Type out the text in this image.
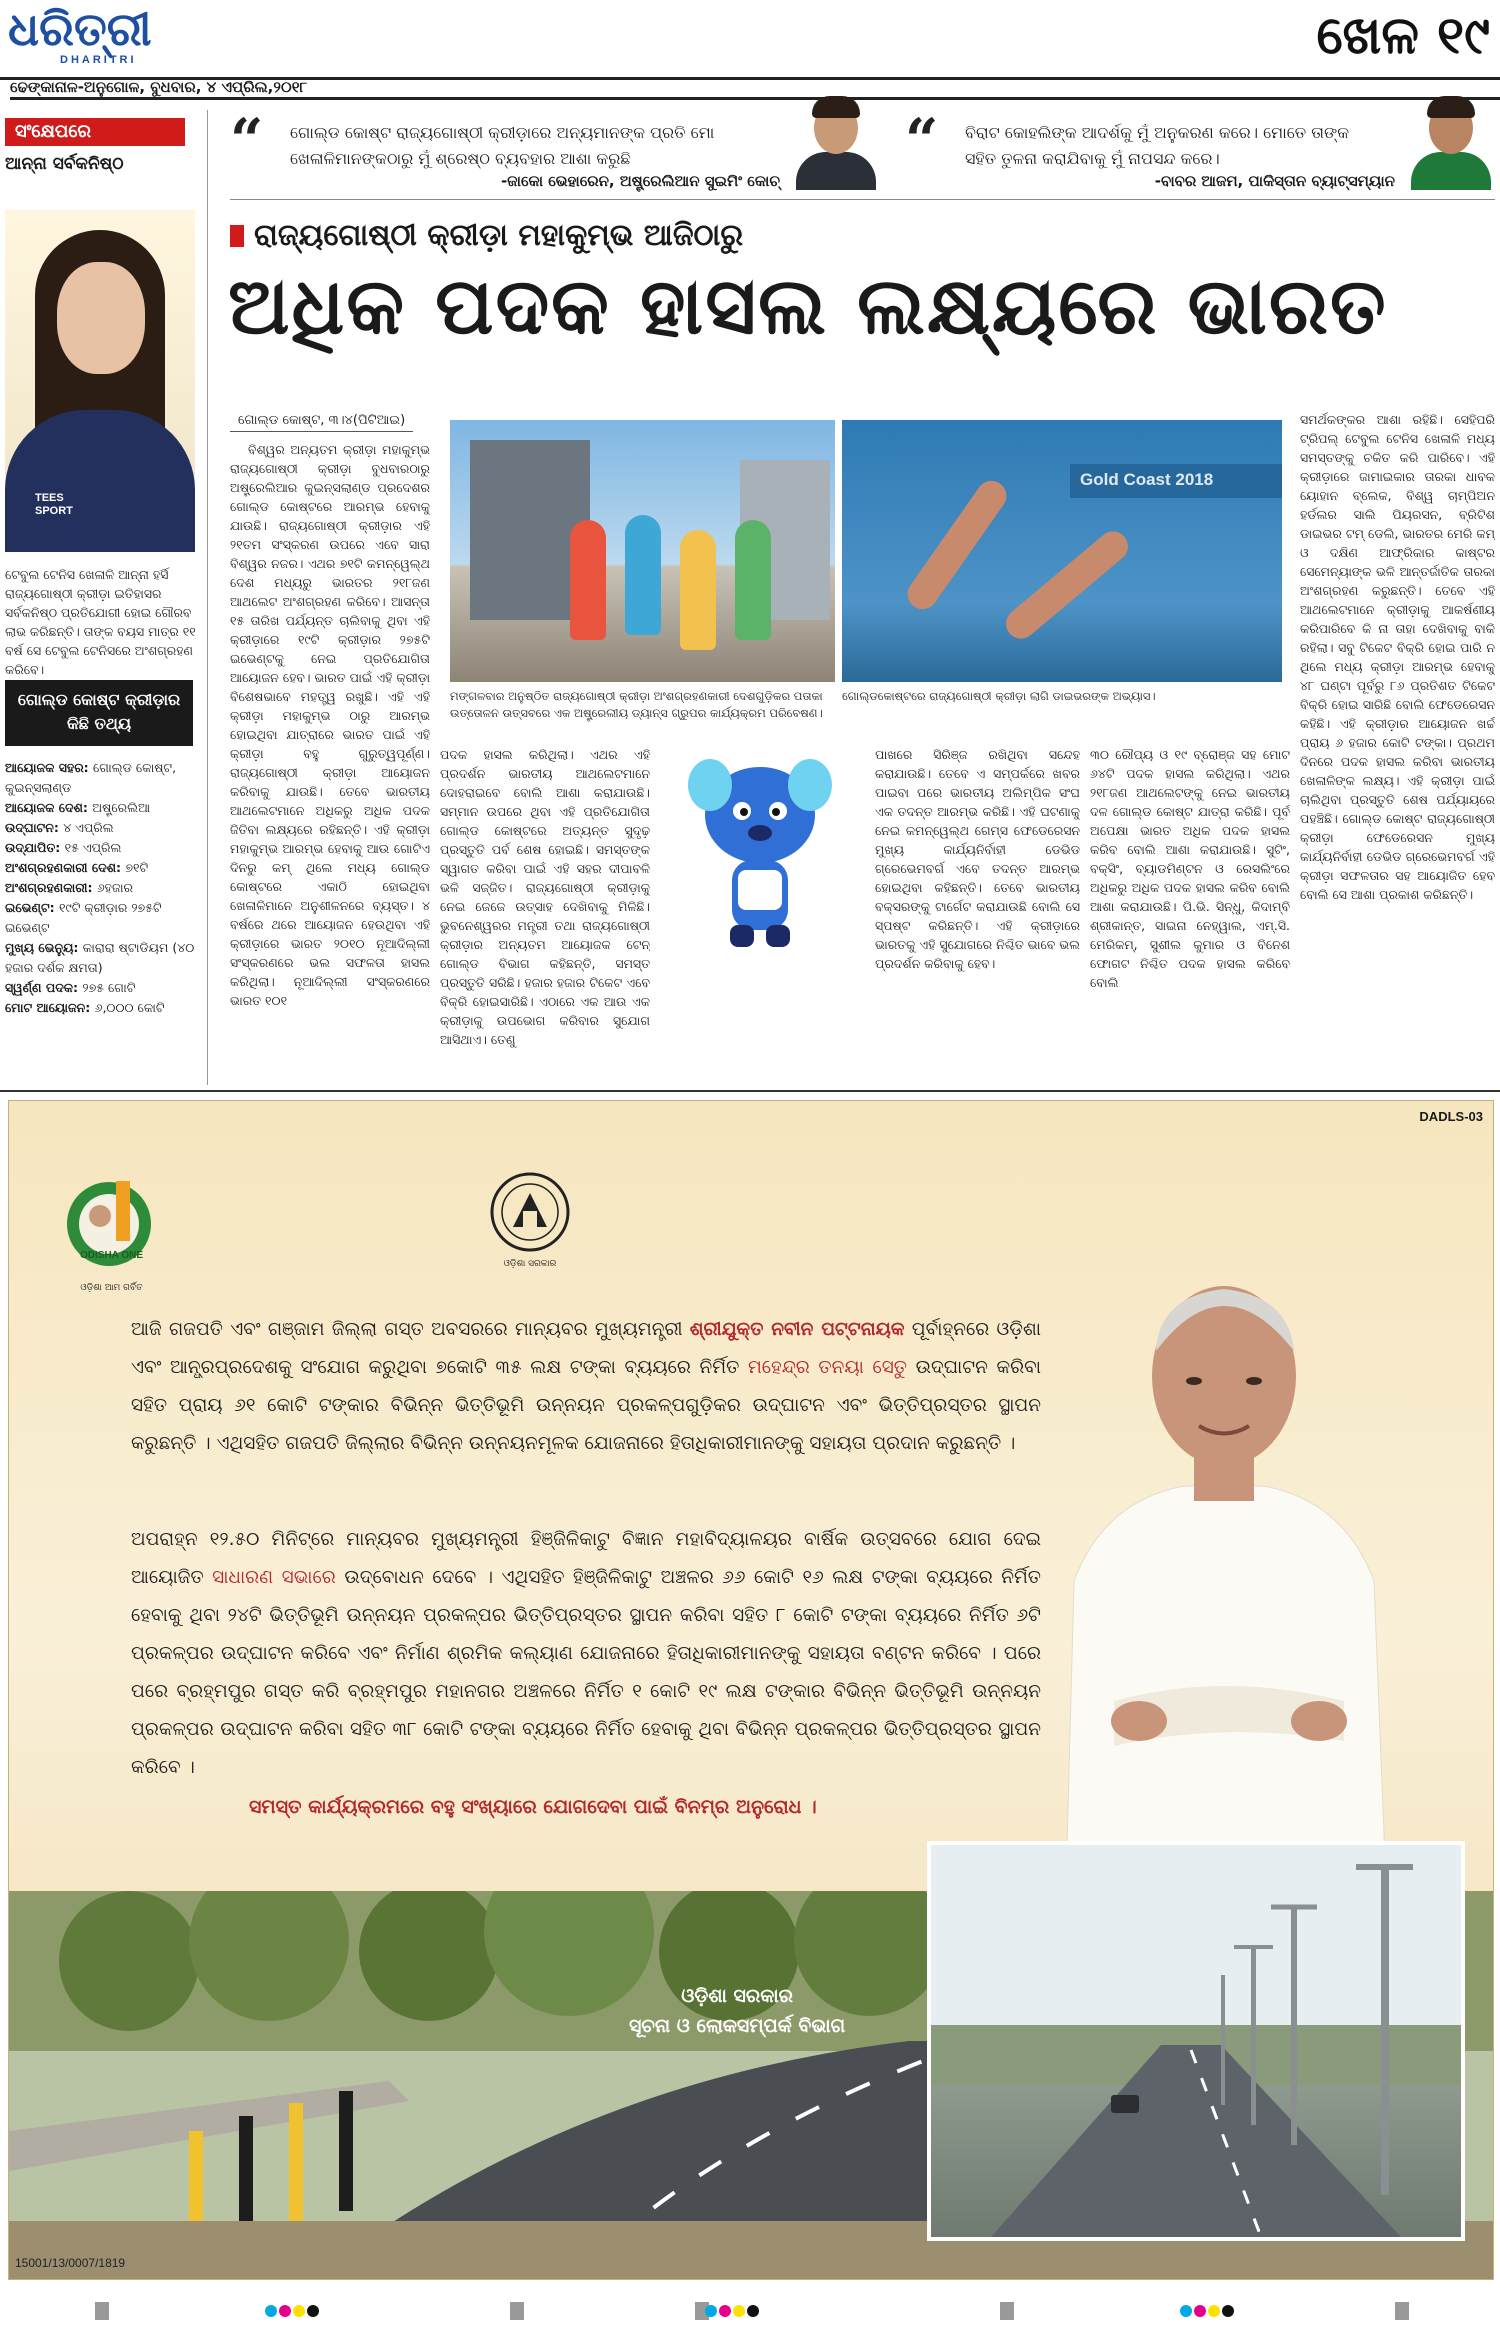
ଧରିତ୍ରୀ
DHARITRI	ଖେଳ ୧୯
ଢେଙ୍କାନାଳ-ଅନୁଗୋଳ, ବୁଧବାର, ୪ ଏପ୍ରିଲ,୨୦୧୮
“ ଗୋଲ୍ଡ କୋଷ୍ଟ ରାଜ୍ୟଗୋଷ୍ଠୀ କ୍ରୀଡ଼ାରେ ଅନ୍ୟମାନଙ୍କ ପ୍ରତି ମୋ ଖେଳାଳିମାନଙ୍କଠାରୁ ମୁଁ ଶ୍ରେଷ୍ଠ ବ୍ୟବହାର ଆଶା କରୁଛି
-ଜାକୋ ଭେହାରେନ, ଅଷ୍ଟ୍ରେଲିଆନ ସୁଇମିଂ କୋଚ୍
“ ବିରାଟ କୋହଲିଙ୍କ ଆଦର୍ଶକୁ ମୁଁ ଅନୁକରଣ କରେ। ମୋତେ ତାଙ୍କ ସହିତ ତୁଳନା କରାଯିବାକୁ ମୁଁ ନାପସନ୍ଦ କରେ।
-ବାବର ଆଜମ, ପାକିସ୍ତାନ ବ୍ୟାଟ୍ସମ୍ୟାନ
ସଂକ୍ଷେପରେ
ଆନ୍ନା ସର୍ବକନିଷ୍ଠ
TEES SPORT
ଟେବୁଲ ଟେନିସ ଖେଳାଳି ଆନ୍ନା ହର୍ସି ରାଜ୍ୟଗୋଷ୍ଠୀ କ୍ରୀଡ଼ା ଇତିହାସର ସର୍ବକନିଷ୍ଠ ପ୍ରତିଯୋଗୀ ହୋଇ ଗୌରବ ଲାଭ କରିଛନ୍ତି। ତାଙ୍କ ବୟସ ମାତ୍ର ୧୧ ବର୍ଷ ସେ ଟେବୁଲ ଟେନିସରେ ଅଂଶଗ୍ରହଣ କରିବେ।
ଗୋଲ୍ଡ କୋଷ୍ଟ କ୍ରୀଡ଼ାର କିଛି ତଥ୍ୟ
ଆୟୋଜକ ସହର: ଗୋଲ୍ଡ କୋଷ୍ଟ, କୁଇନ୍ସଲାଣ୍ଡ
ଆୟୋଜକ ଦେଶ: ଅଷ୍ଟ୍ରେଲିଆ
ଉଦ୍‌ଘାଟନ: ୪ ଏପ୍ରିଲ
ଉଦ୍‌ଯାପିତ: ୧୫ ଏପ୍ରିଲ
ଅଂଶଗ୍ରହଣକାରୀ ଦେଶ: ୭୧ଟି
ଅଂଶଗ୍ରହଣକାରୀ: ୬ହଜାର
ଇଭେଣ୍ଟ: ୧୯ଟି କ୍ରୀଡ଼ାର ୨୭୫ଟି ଇଭେଣ୍ଟ
ମୁଖ୍ୟ ଭେନ୍ୟୁ: କାରାରା ଷ୍ଟାଡିୟମ (୪୦ ହଜାର ଦର୍ଶକ କ୍ଷମତା)
ସ୍ୱର୍ଣ୍ଣ ପଦକ: ୨୭୫ ଗୋଟି
ମୋଟ ଆୟୋଜନ: ୬,୦୦୦ କୋଟି
ରାଜ୍ୟଗୋଷ୍ଠୀ କ୍ରୀଡ଼ା ମହାକୁମ୍ଭ ଆଜିଠାରୁ
ଅଧିକ ପଦକ ହାସଲ ଲକ୍ଷ୍ୟରେ ଭାରତ
ଗୋଲ୍ଡ କୋଷ୍ଟ, ୩।୪(ପିଟିଆଇ)
ବିଶ୍ୱର ଅନ୍ୟତମ କ୍ରୀଡ଼ା ମହାକୁମ୍ଭ ରାଜ୍ୟଗୋଷ୍ଠୀ କ୍ରୀଡ଼ା ବୁଧବାରଠାରୁ ଅଷ୍ଟ୍ରେଲିଆର କୁଇନ୍ସଲାଣ୍ଡ ପ୍ରଦେଶର ଗୋଲ୍ଡ କୋଷ୍ଟରେ ଆରମ୍ଭ ହେବାକୁ ଯାଉଛି। ରାଜ୍ୟଗୋଷ୍ଠୀ କ୍ରୀଡ଼ାର ଏହି ୨୧ତମ ସଂସ୍କରଣ ଉପରେ ଏବେ ସାରା ବିଶ୍ୱର ନଜର। ଏଥର ୭୧ଟି କମନ୍‌ୱେଲ୍‌ଥ ଦେଶ ମଧ୍ୟରୁ ଭାରତର ୨୧୮ଜଣ ଆଥଲେଟ ଅଂଶଗ୍ରହଣ କରିବେ। ଆସନ୍ତା ୧୫ ତାରିଖ ପର୍ଯ୍ୟନ୍ତ ଚାଲିବାକୁ ଥିବା ଏହି କ୍ରୀଡ଼ାରେ ୧୯ଟି କ୍ରୀଡ଼ାର ୨୭୫ଟି ଇଭେଣ୍ଟକୁ ନେଇ ପ୍ରତିଯୋଗିତା ଆୟୋଜନ ହେବ। ଭାରତ ପାଇଁ ଏହି କ୍ରୀଡ଼ା ବିଶେଷଭାବେ ମହତ୍ତ୍ୱ ରଖୁଛି। ଏହି ଏହି କ୍ରୀଡ଼ା ମହାକୁମ୍ଭ ଠାରୁ ଆରମ୍ଭ ହୋଇଥିବା ଯାତ୍ରାରେ ଭାରତ ପାଇଁ ଏହି କ୍ରୀଡ଼ା ବହୁ ଗୁରୁତ୍ୱପୂର୍ଣ୍ଣ। ରାଜ୍ୟଗୋଷ୍ଠୀ କ୍ରୀଡ଼ା ଆୟୋଜନ କରିବାକୁ ଯାଉଛି। ତେବେ ଭାରତୀୟ ଆଥଲେଟମାନେ ଅଧିକରୁ ଅଧିକ ପଦକ ଜିତିବା ଲକ୍ଷ୍ୟରେ ରହିଛନ୍ତି। ଏହି କ୍ରୀଡ଼ା ମହାକୁମ୍ଭ ଆରମ୍ଭ ହେବାକୁ ଆଉ ଗୋଟିଏ ଦିନରୁ କମ୍ ଥିଲେ ମଧ୍ୟ ଗୋଲ୍ଡ କୋଷ୍ଟରେ ଏକାଠି ହୋଇଥିବା ଖେଳାଳିମାନେ ଅନୁଶୀଳନରେ ବ୍ୟସ୍ତ। ୪ ବର୍ଷରେ ଥରେ ଆୟୋଜନ ହେଉଥିବା ଏହି କ୍ରୀଡ଼ାରେ ଭାରତ ୨୦୧୦ ନୂଆଦିଲ୍ଲୀ ସଂସ୍କରଣରେ ଭଲ ସଫଳତା ହାସଲ କରିଥିଲା। ନୂଆଦିଲ୍ଲୀ ସଂସ୍କରଣରେ ଭାରତ ୧୦୧
ମଙ୍ଗଳବାର ଅନୁଷ୍ଠିତ ରାଜ୍ୟଗୋଷ୍ଠୀ କ୍ରୀଡ଼ା ଅଂଶଗ୍ରହଣକାରୀ ଦେଶଗୁଡ଼ିକର ପତାକା ଉତ୍ତୋଳନ ଉତ୍ସବରେ ଏକ ଅଷ୍ଟ୍ରେଲୀୟ ଡ୍ୟାନ୍ସ ଗ୍ରୁପର କାର୍ଯ୍ୟକ୍ରମ ପରିବେଷଣ।
Gold Coast 2018
ଗୋଲ୍ଡକୋଷ୍ଟରେ ରାଜ୍ୟଗୋଷ୍ଠୀ କ୍ରୀଡ଼ା ଲାଗି ଡାଇଭରଙ୍କ ଅଭ୍ୟାସ।
ପଦକ ହାସଲ କରିଥିଲା। ଏଥର ଏହି ପ୍ରଦର୍ଶନ ଭାରତୀୟ ଆଥଲେଟମାନେ ଦୋହରାଇବେ ବୋଲି ଆଶା କରାଯାଉଛି। ସମ୍ମାନ ଉପରେ ଥିବା ଏହି ପ୍ରତିଯୋଗିତା ଗୋଲ୍ଡ କୋଷ୍ଟରେ ଅତ୍ୟନ୍ତ ସୁଦୃଢ଼ ପ୍ରସ୍ତୁତି ପର୍ବ ଶେଷ ହୋଇଛି। ସମସ୍ତଙ୍କ ସ୍ୱାଗତ କରିବା ପାଇଁ ଏହି ସହର ଦୀପାବଳି ଭଳି ସଜ୍ଜିତ। ରାଜ୍ୟଗୋଷ୍ଠୀ କ୍ରୀଡ଼ାକୁ ନେଇ ଜେଜେ ଉତ୍ସାହ ଦେଖିବାକୁ ମିଳିଛି। ଭୁବନେଶ୍ୱରର ମନ୍ତ୍ରୀ ତଥା ରାଜ୍ୟଗୋଷ୍ଠୀ କ୍ରୀଡ଼ାର ଅନ୍ୟତମ ଆୟୋଜକ ଟେନ୍ ଗୋଲ୍ଡ ବିଭାଗ କହିଛନ୍ତି, ସମସ୍ତ ପ୍ରସ୍ତୁତି ସରିଛି। ହଜାର ହଜାର ଟିକେଟ ଏବେ ବିକ୍ରି ହୋଇସାରିଛି। ଏଠାରେ ଏକ ଆଉ ଏକ କ୍ରୀଡ଼ାକୁ ଉପଭୋଗ କରିବାର ସୁଯୋଗ ଆସିଥାଏ। ତେଣୁ
ପାଖରେ ସିରିଞ୍ଜ ରଖିଥିବା ସନ୍ଦେହ କରାଯାଉଛି। ତେବେ ଏ ସମ୍ପର୍କରେ ଖବର ପାଇବା ପରେ ଭାରତୀୟ ଅଲିମ୍ପିକ ସଂଘ ଏକ ତଦନ୍ତ ଆରମ୍ଭ କରିଛି। ଏହି ଘଟଣାକୁ ନେଇ କମନ୍‌ୱେଲ୍‌ଥ ଗେମ୍ସ ଫେଡେରେସନ ମୁଖ୍ୟ କାର୍ଯ୍ୟନିର୍ବାହୀ ଡେଭିଡ ଗ୍ରେଭେମବର୍ଗ ଏବେ ତଦନ୍ତ ଆରମ୍ଭ ହୋଇଥିବା କହିଛନ୍ତି। ତେବେ ଭାରତୀୟ ବକ୍ସରଙ୍କୁ ଟାର୍ଗେଟ କରାଯାଉଛି ବୋଲି ସେ ସ୍ପଷ୍ଟ କରିଛନ୍ତି। ଏହି କ୍ରୀଡ଼ାରେ ଭାରତକୁ ଏହି ସୁଯୋଗରେ ନିଶ୍ଚିତ ଭାବେ ଭଲ ପ୍ରଦର୍ଶନ କରିବାକୁ ହେବ।
୩୦ ରୌପ୍ୟ ଓ ୧୯ ବ୍ରୋଞ୍ଜ ସହ ମୋଟ ୬୪ଟି ପଦକ ହାସଲ କରିଥିଲା। ଏଥର ୨୧୮ଜଣ ଆଥଲେଟଙ୍କୁ ନେଇ ଭାରତୀୟ ଦଳ ଗୋଲ୍ଡ କୋଷ୍ଟ ଯାତ୍ରା କରିଛି। ପୂର୍ବ ଅପେକ୍ଷା ଭାରତ ଅଧିକ ପଦକ ହାସଲ କରିବ ବୋଲି ଆଶା କରାଯାଉଛି। ସୁଟିଂ, ବକ୍ସିଂ, ବ୍ୟାଡମିଣ୍ଟନ ଓ ରେସଲିଂରେ ଅଧିକରୁ ଅଧିକ ପଦକ ହାସଲ କରିବ ବୋଲି ଆଶା କରାଯାଉଛି। ପି.ଭି. ସିନ୍ଧୁ, କିଦାମ୍ବି ଶ୍ରୀକାନ୍ତ, ସାଇନା ନେହ୍ୱାଲ, ଏମ୍.ସି. ମେରିକମ୍, ସୁଶୀଲ କୁମାର ଓ ବିନେଶ ଫୋଗଟ ନିଶ୍ଚିତ ପଦକ ହାସଲ କରିବେ ବୋଲି
ସମର୍ଥକଙ୍କର ଆଶା ରହିଛି। ସେହିପରି ଟ୍ରିପଲ୍ ଟେବୁଲ ଟେନିସ ଖେଳାଳି ମଧ୍ୟ ସମସ୍ତଙ୍କୁ ଚକିତ କରି ପାରିବେ। ଏହି କ୍ରୀଡ଼ାରେ ଜାମାଇକାର ତାରକା ଧାବକ ୟୋହାନ ବ୍ଲେକ, ବିଶ୍ୱ ଚାମ୍ପିଅନ ହର୍ଡଲର ସାଲି ପିୟରସନ, ବ୍ରିଟିଶ ଡାଇଭର ଟମ୍ ଡେଲି, ଭାରତର ମେରି କମ୍ ଓ ଦକ୍ଷିଣ ଆଫ୍ରିକାର କାଷ୍ଟର ସେମେନ୍ୟାଙ୍କ ଭଳି ଆନ୍ତର୍ଜାତିକ ତାରକା ଅଂଶଗ୍ରହଣ କରୁଛନ୍ତି। ତେବେ ଏହି ଆଥଲେଟମାନେ କ୍ରୀଡ଼ାକୁ ଆକର୍ଷଣୀୟ କରିପାରିବେ କି ନା ତାହା ଦେଖିବାକୁ ବାକି ରହିଲା। ସବୁ ଟିକେଟ ବିକ୍ରି ହୋଇ ପାରି ନ ଥିଲେ ମଧ୍ୟ କ୍ରୀଡ଼ା ଆରମ୍ଭ ହେବାକୁ ୪୮ ଘଣ୍ଟା ପୂର୍ବରୁ ୮୬ ପ୍ରତିଶତ ଟିକେଟ ବିକ୍ରି ହୋଇ ସାରିଛି ବୋଲି ଫେଡେରେସନ କହିଛି। ଏହି କ୍ରୀଡ଼ାର ଆୟୋଜନ ଖର୍ଚ୍ଚ ପ୍ରାୟ ୬ ହଜାର କୋଟି ଟଙ୍କା। ପ୍ରଥମ ଦିନରେ ପଦକ ହାସଲ କରିବା ଭାରତୀୟ ଖେଳାଳିଙ୍କ ଲକ୍ଷ୍ୟ। ଏହି କ୍ରୀଡ଼ା ପାଇଁ ଚାଲିଥିବା ପ୍ରସ୍ତୁତି ଶେଷ ପର୍ଯ୍ୟାୟରେ ପହଞ୍ଚିଛି। ଗୋଲ୍ଡ କୋଷ୍ଟ ରାଜ୍ୟଗୋଷ୍ଠୀ କ୍ରୀଡ଼ା ଫେଡେରେସନ ମୁଖ୍ୟ କାର୍ଯ୍ୟନିର୍ବାହୀ ଡେଭିଡ ଗ୍ରେଭେମବର୍ଗ ଏହି କ୍ରୀଡ଼ା ସଫଳତାର ସହ ଆୟୋଜିତ ହେବ ବୋଲି ସେ ଆଶା ପ୍ରକାଶ କରିଛନ୍ତି।
DADLS-03
ODISHA ONE
ଓଡ଼ିଶା ଆମ ଗର୍ବିତ
ଓଡ଼ିଶା ସରକାର

ଆଜି ଗଜପତି ଏବଂ ଗଞ୍ଜାମ ଜିଲ୍ଲା ଗସ୍ତ ଅବସରରେ ମାନ୍ୟବର ମୁଖ୍ୟମନ୍ତ୍ରୀ ଶ୍ରୀଯୁକ୍ତ ନବୀନ ପଟ୍ଟନାୟକ ପୂର୍ବାହ୍ନରେ ଓଡ଼ିଶା ଏବଂ ଆନ୍ଧ୍ରପ୍ରଦେଶକୁ ସଂଯୋଗ କରୁଥିବା ୭କୋଟି ୩୫ ଲକ୍ଷ ଟଙ୍କା ବ୍ୟୟରେ ନିର୍ମିତ ମହେନ୍ଦ୍ର ତନୟା ସେତୁ ଉଦ୍‌ଘାଟନ କରିବା ସହିତ ପ୍ରାୟ ୬୧ କୋଟି ଟଙ୍କାର ବିଭିନ୍ନ ଭିତ୍ତିଭୂମି ଉନ୍ନୟନ ପ୍ରକଳ୍ପଗୁଡ଼ିକର ଉଦ୍‌ଘାଟନ ଏବଂ ଭିତ୍ତିପ୍ରସ୍ତର ସ୍ଥାପନ କରୁଛନ୍ତି । ଏଥିସହିତ ଗଜପତି ଜିଲ୍ଲାର ବିଭିନ୍ନ ଉନ୍ନୟନମୂଳକ ଯୋଜନାରେ ହିତାଧିକାରୀମାନଙ୍କୁ ସହାୟତା ପ୍ରଦାନ କରୁଛନ୍ତି ।

ଅପରାହ୍ନ ୧୨.୫୦ ମିନିଟ୍‌ରେ ମାନ୍ୟବର ମୁଖ୍ୟମନ୍ତ୍ରୀ ହିଞ୍ଜିଳିକାଟୁ ବିଜ୍ଞାନ ମହାବିଦ୍ୟାଳୟର ବାର୍ଷିକ ଉତ୍ସବରେ ଯୋଗ ଦେଇ ଆୟୋଜିତ ସାଧାରଣ ସଭାରେ ଉଦ୍‌ବୋଧନ ଦେବେ । ଏଥିସହିତ ହିଞ୍ଜିଳିକାଟୁ ଅଞ୍ଚଳର ୬୬ କୋଟି ୧୬ ଲକ୍ଷ ଟଙ୍କା ବ୍ୟୟରେ ନିର୍ମିତ ହେବାକୁ ଥିବା ୨୪ଟି ଭିତ୍ତିଭୂମି ଉନ୍ନୟନ ପ୍ରକଳ୍ପର ଭିତ୍ତିପ୍ରସ୍ତର ସ୍ଥାପନ କରିବା ସହିତ ୮ କୋଟି ଟଙ୍କା ବ୍ୟୟରେ ନିର୍ମିତ ୬ଟି ପ୍ରକଳ୍ପର ଉଦ୍‌ଘାଟନ କରିବେ ଏବଂ ନିର୍ମାଣ ଶ୍ରମିକ କଲ୍ୟାଣ ଯୋଜନାରେ ହିତାଧିକାରୀମାନଙ୍କୁ ସହାୟତା ବଣ୍ଟନ କରିବେ । ପରେ ପରେ ବ୍ରହ୍ମପୁର ଗସ୍ତ କରି ବ୍ରହ୍ମପୁର ମହାନଗର ଅଞ୍ଚଳରେ ନିର୍ମିତ ୧ କୋଟି ୧୯ ଲକ୍ଷ ଟଙ୍କାର ବିଭିନ୍ନ ଭିତ୍ତିଭୂମି ଉନ୍ନୟନ ପ୍ରକଳ୍ପର ଉଦ୍‌ଘାଟନ କରିବା ସହିତ ୩୮ କୋଟି ଟଙ୍କା ବ୍ୟୟରେ ନିର୍ମିତ ହେବାକୁ ଥିବା ବିଭିନ୍ନ ପ୍ରକଳ୍ପର ଭିତ୍ତିପ୍ରସ୍ତର ସ୍ଥାପନ କରିବେ ।

ସମସ୍ତ କାର୍ଯ୍ୟକ୍ରମରେ ବହୁ ସଂଖ୍ୟାରେ ଯୋଗଦେବା ପାଇଁ ବିନମ୍ର ଅନୁରୋଧ ।
ଓଡ଼ିଶା ସରକାର
ସୂଚନା ଓ ଲୋକସମ୍ପର୍କ ବିଭାଗ
15001/13/0007/1819
